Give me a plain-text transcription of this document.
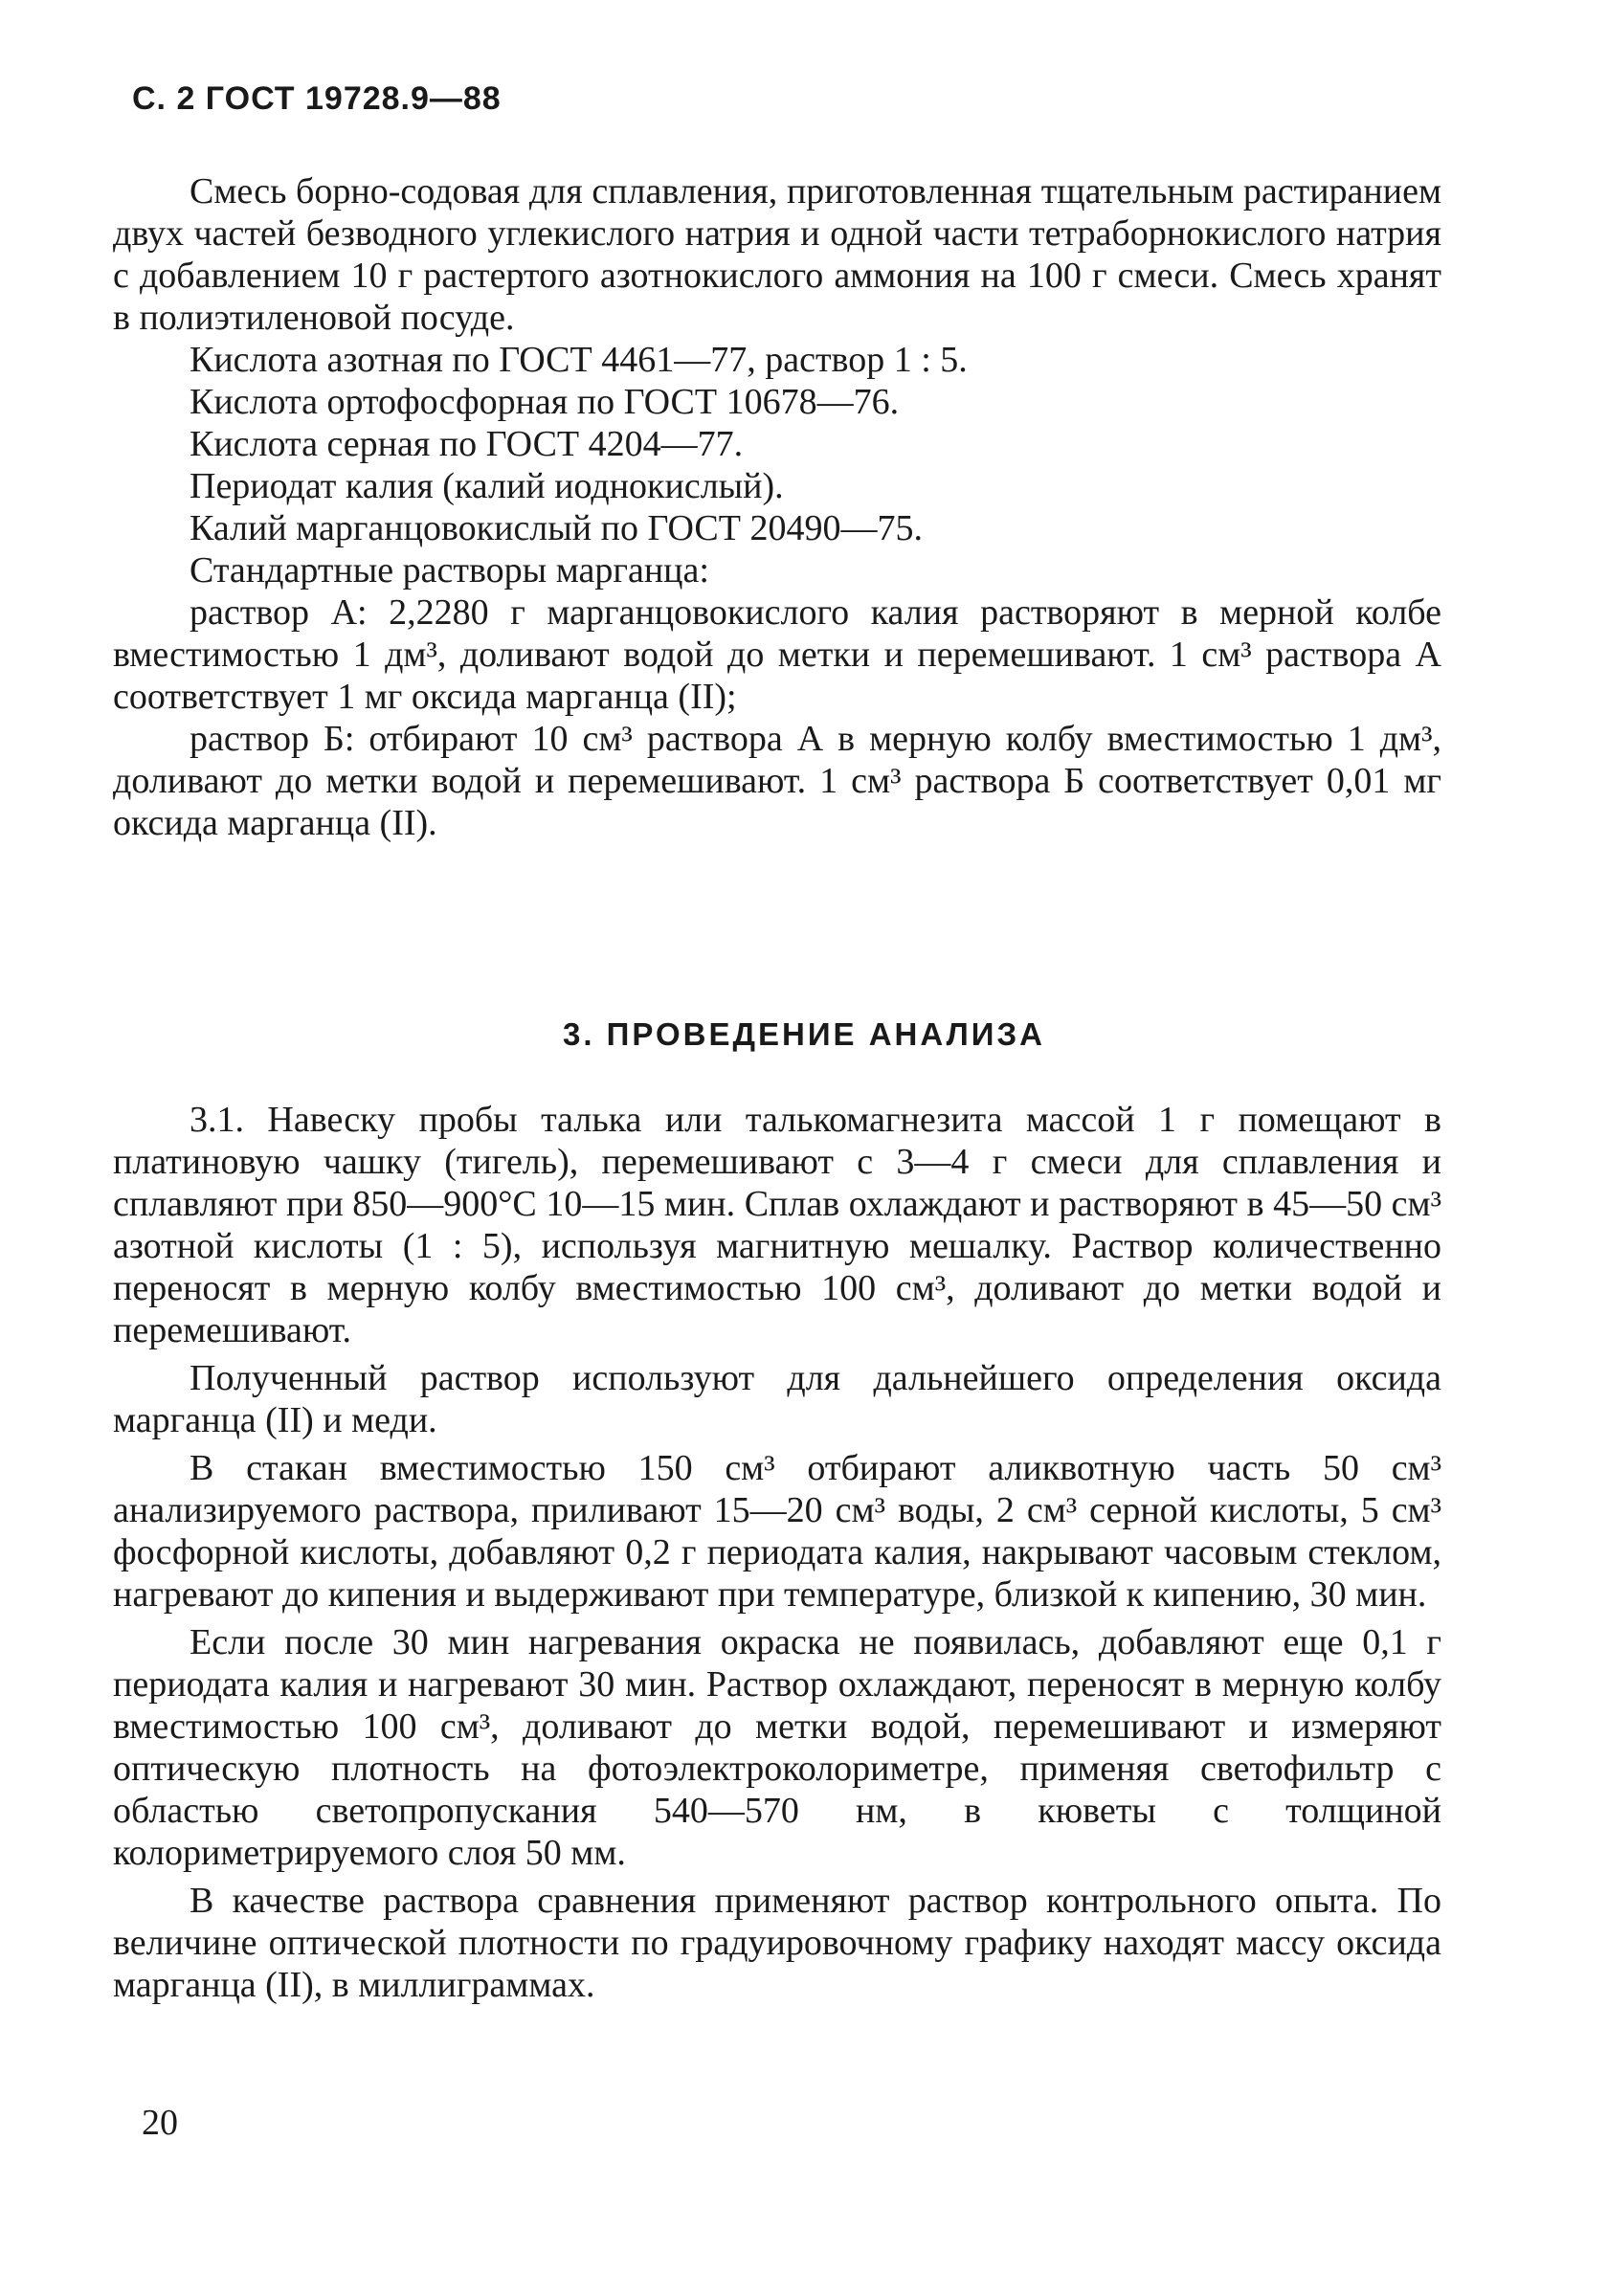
С. 2 ГОСТ 19728.9—88

Смесь борно-содовая для сплавления, приготовленная тщательным растиранием двух частей безводного углекислого натрия и одной части тетраборнокислого натрия с добавлением 10 г растертого азотнокислого аммония на 100 г смеси. Смесь хранят в полиэтиленовой посуде.

Кислота азотная по ГОСТ 4461—77, раствор 1 : 5.

Кислота ортофосфорная по ГОСТ 10678—76.

Кислота серная по ГОСТ 4204—77.

Периодат калия (калий иоднокислый).

Калий марганцовокислый по ГОСТ 20490—75.

Стандартные растворы марганца:

раствор А: 2,2280 г марганцовокислого калия растворяют в мерной колбе вместимостью 1 дм³, доливают водой до метки и перемешивают. 1 см³ раствора А соответствует 1 мг оксида марганца (II);

раствор Б: отбирают 10 см³ раствора А в мерную колбу вместимостью 1 дм³, доливают до метки водой и перемешивают. 1 см³ раствора Б соответствует 0,01 мг оксида марганца (II).

3. ПРОВЕДЕНИЕ АНАЛИЗА

3.1. Навеску пробы талька или талькомагнезита массой 1 г помещают в платиновую чашку (тигель), перемешивают с 3—4 г смеси для сплавления и сплавляют при 850—900°С 10—15 мин. Сплав охлаждают и растворяют в 45—50 см³ азотной кислоты (1 : 5), используя магнитную мешалку. Раствор количественно переносят в мерную колбу вместимостью 100 см³, доливают до метки водой и перемешивают.

Полученный раствор используют для дальнейшего определения оксида марганца (II) и меди.

В стакан вместимостью 150 см³ отбирают аликвотную часть 50 см³ анализируемого раствора, приливают 15—20 см³ воды, 2 см³ серной кислоты, 5 см³ фосфорной кислоты, добавляют 0,2 г периодата калия, накрывают часовым стеклом, нагревают до кипения и выдерживают при температуре, близкой к кипению, 30 мин.

Если после 30 мин нагревания окраска не появилась, добавляют еще 0,1 г периодата калия и нагревают 30 мин. Раствор охлаждают, переносят в мерную колбу вместимостью 100 см³, доливают до метки водой, перемешивают и измеряют оптическую плотность на фотоэлектроколориметре, применяя светофильтр с областью светопропускания 540—570 нм, в кюветы с толщиной колориметрируемого слоя 50 мм.

В качестве раствора сравнения применяют раствор контрольного опыта. По величине оптической плотности по градуировочному графику находят массу оксида марганца (II), в миллиграммах.

20
